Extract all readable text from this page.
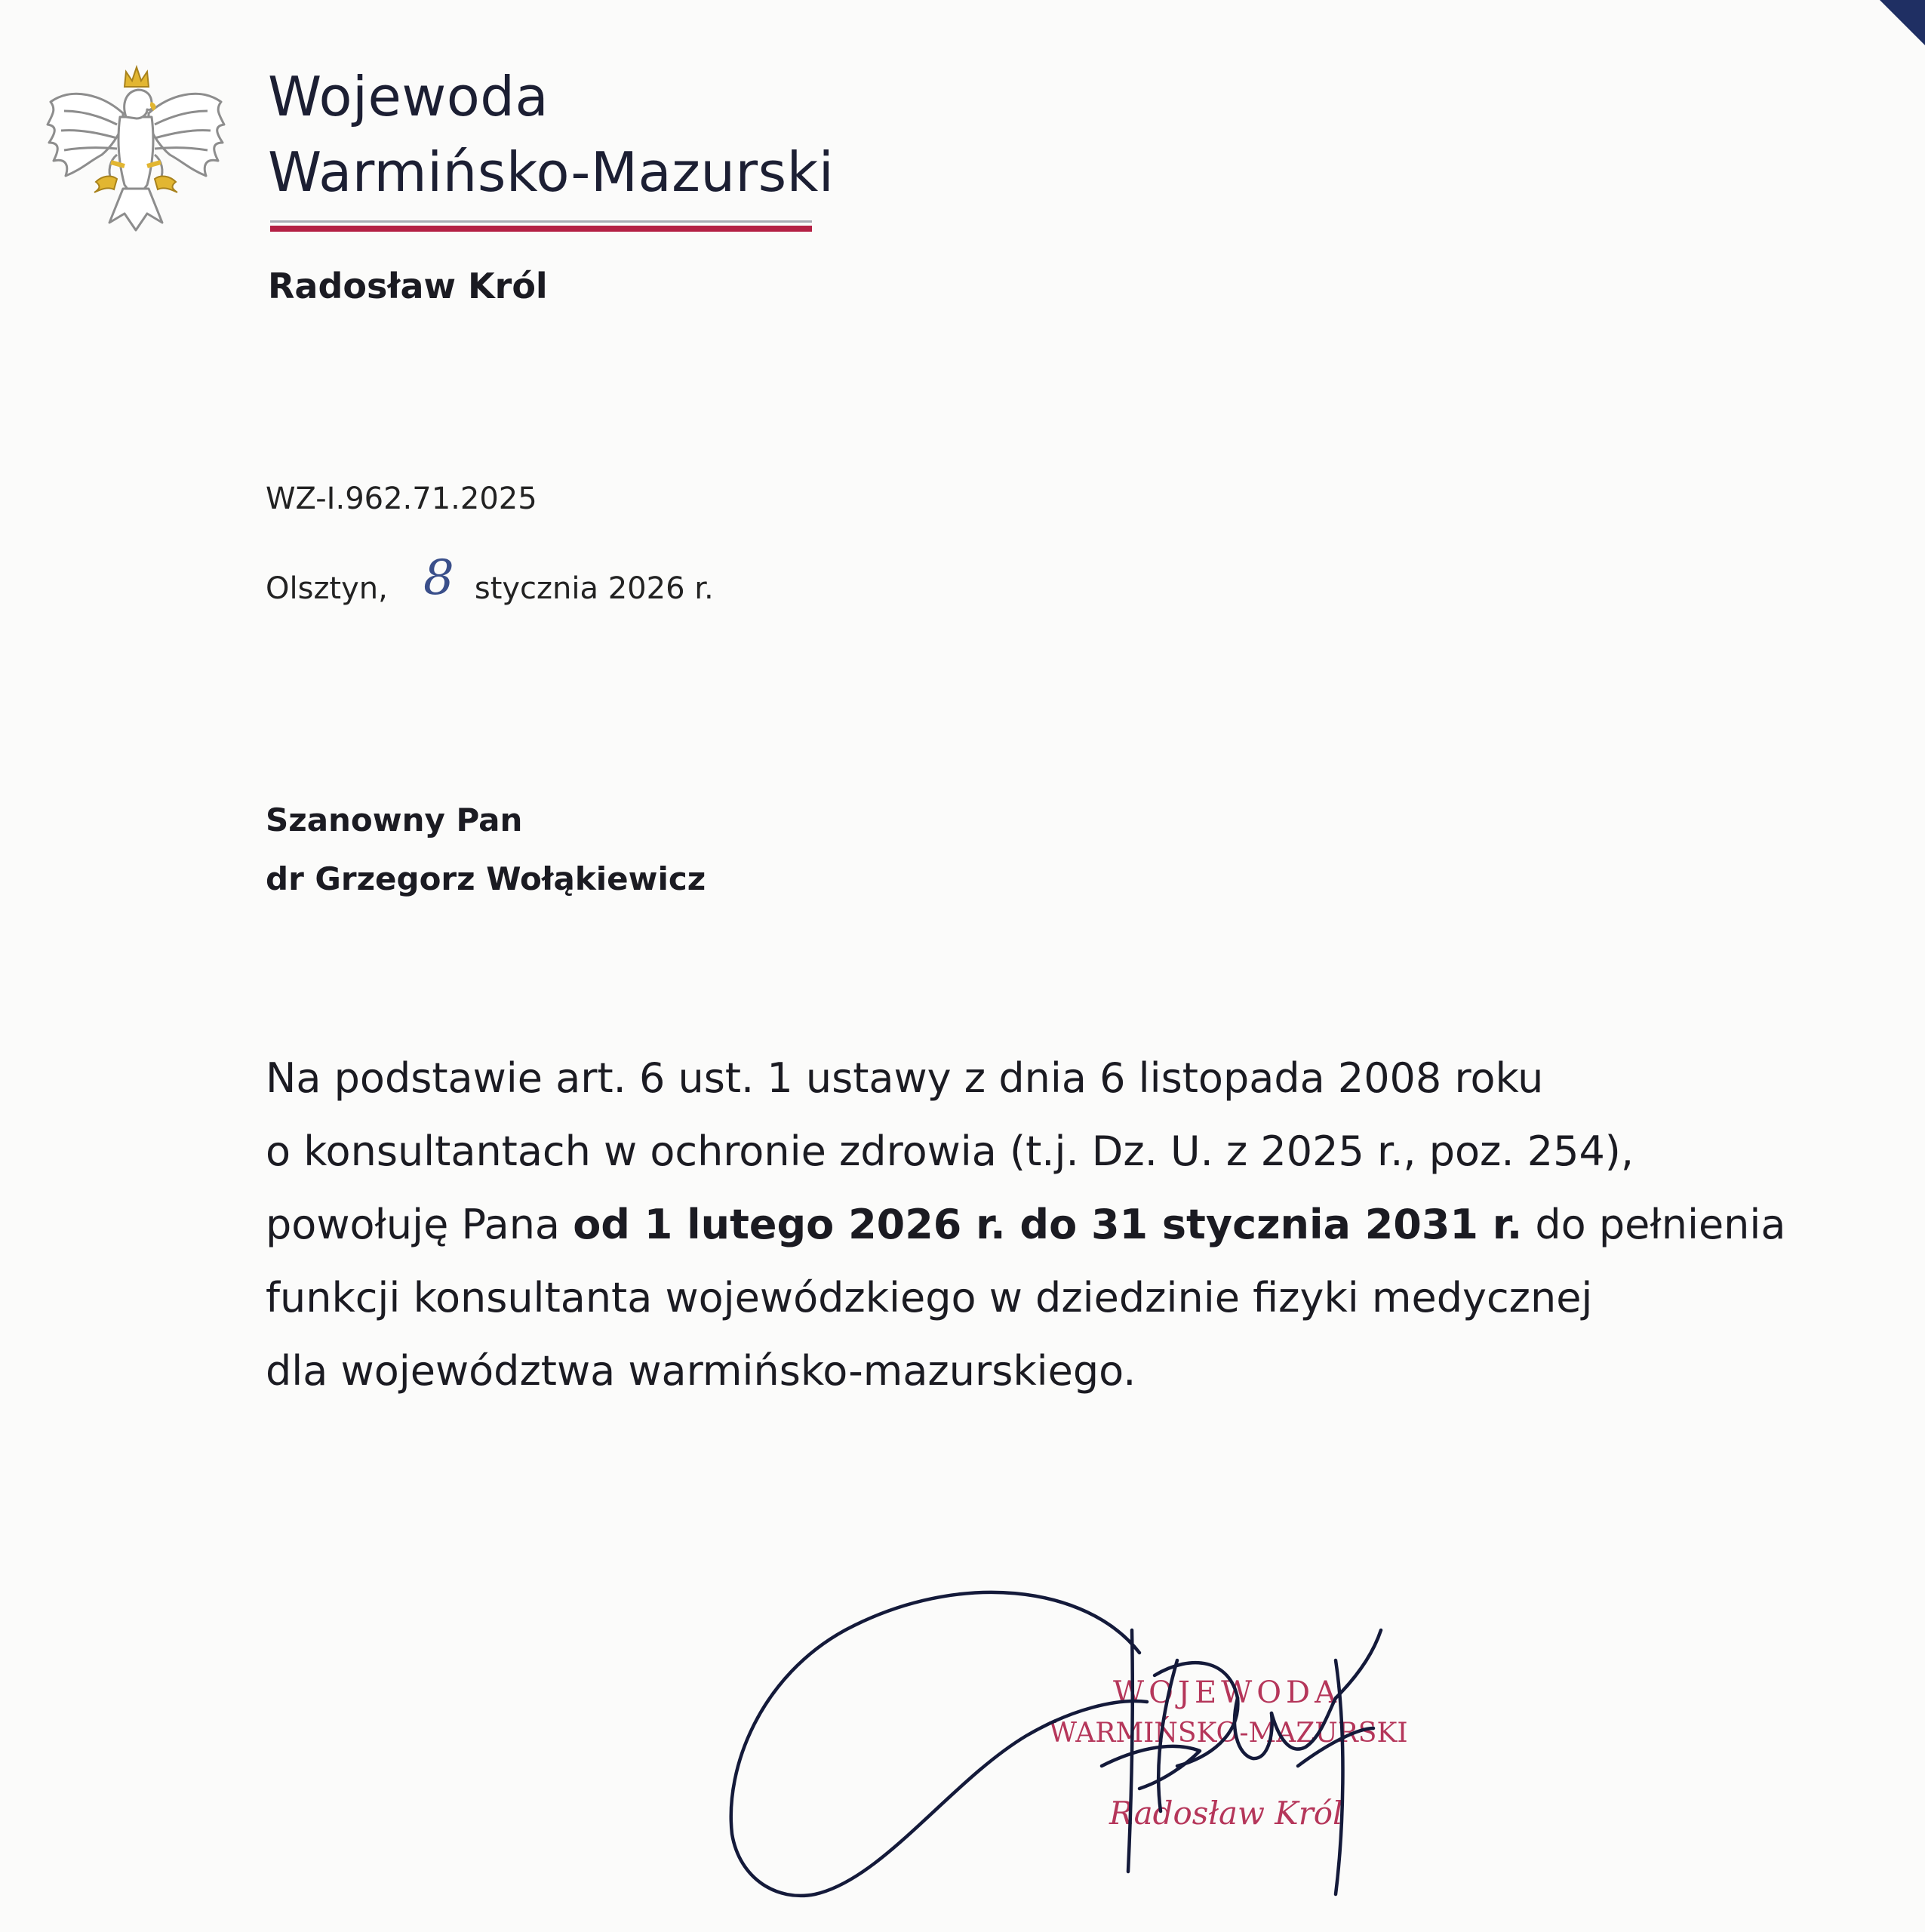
Wojewoda
Warmińsko-Mazurski
Radosław Król
WZ-I.962.71.2025
Olsztyn, 8 stycznia 2026 r.
Szanowny Pan
dr Grzegorz Wołąkiewicz
Na podstawie art. 6 ust. 1 ustawy z dnia 6 listopada 2008 roku
o konsultantach w ochronie zdrowia (t.j. Dz. U. z 2025 r., poz. 254),
powołuję Pana od 1 lutego 2026 r. do 31 stycznia 2031 r. do pełnienia
funkcji konsultanta wojewódzkiego w dziedzinie fizyki medycznej
dla województwa warmińsko-mazurskiego.
WOJEWODA
WARMIŃSKO-MAZURSKI
Radosław Król
